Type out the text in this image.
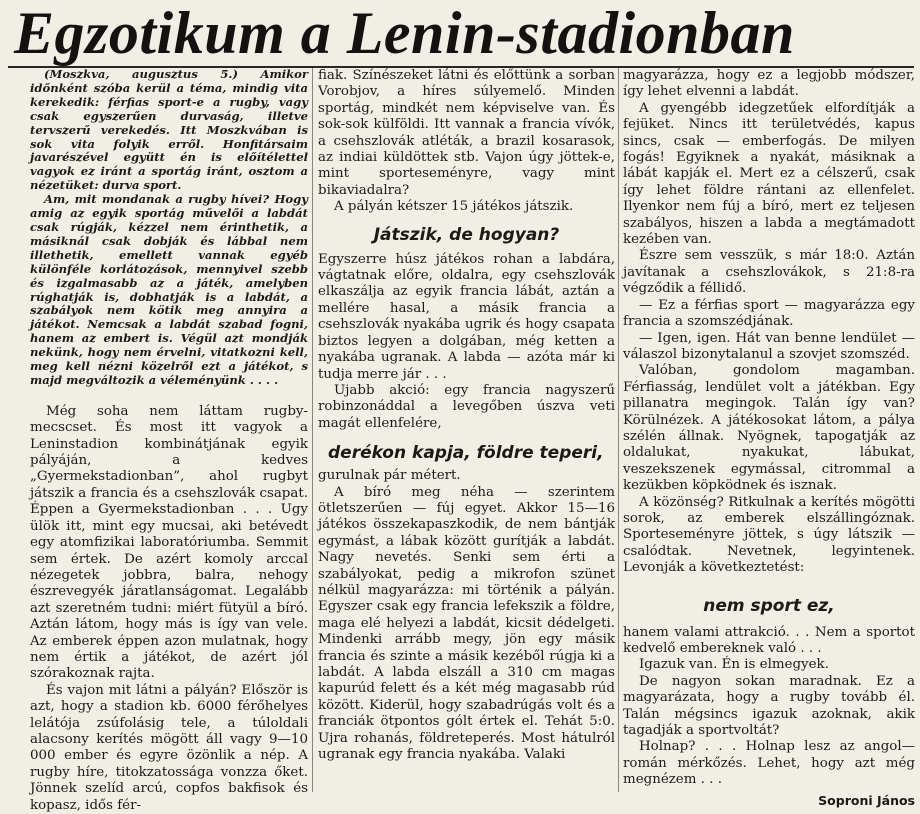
Egzotikum a Lenin-stadionban

(Moszkva, augusztus 5.) Amikor időnként szóba kerül a téma, mindig vita kerekedik: férfias sport-e a rugby, vagy csak egyszerűen durvaság, illetve tervszerű verekedés. Itt Moszkvában is sok vita folyik erről. Honfitársaim javarészével együtt én is előítélettel vagyok ez iránt a sportág iránt, osztom a nézetüket: durva sport.

Am, mit mondanak a rugby hívei? Hogy amig az egyik sportág művelői a labdát csak rúgják, kézzel nem érinthetik, a másiknál csak dobják és lábbal nem illethetik, emellett vannak egyéb különféle korlátozások, mennyivel szebb és izgalmasabb az a játék, amelyben rúghatják is, dobhatják is a labdát, a szabályok nem kötik meg annyira a játékot. Nemcsak a labdát szabad fogni, hanem az embert is. Végül azt mondják nekünk, hogy nem érvelni, vitatkozni kell, meg kell nézni közelről ezt a játékot, s majd megváltozik a véleményünk . . . .

Még soha nem láttam rugby-mecscset. És most itt vagyok a Leninstadion kombinátjának egyik pályáján, a kedves „Gyermekstadionban”, ahol rugbyt játszik a francia és a csehszlovák csapat. Éppen a Gyermekstadionban . . . Ugy ülök itt, mint egy mucsai, aki betévedt egy atomfizikai laboratóriumba. Semmit sem értek. De azért komoly arccal nézegetek jobbra, balra, nehogy észrevegyék járatlanságomat. Legalább azt szeretném tudni: miért fütyül a bíró. Aztán látom, hogy más is így van vele. Az emberek éppen azon mulatnak, hogy nem értik a játékot, de azért jól szórakoznak rajta.

És vajon mit látni a pályán? Először is azt, hogy a stadion kb. 6000 férőhelyes lelátója zsúfolásig tele, a túloldali alacsony kerítés mögött áll vagy 9—10 000 ember és egyre özönlik a nép. A rugby híre, titokzatossága vonzza őket. Jönnek szelíd arcú, copfos bakfisok és kopasz, idős fér-

fiak. Színészeket látni és előttünk a sorban Vorobjov, a híres súlyemelő. Minden sportág, mindkét nem képviselve van. És sok-sok külföldi. Itt vannak a francia vívók, a csehszlovák atléták, a brazil kosarasok, az indiai küldöttek stb. Vajon úgy jöttek-e, mint sporteseményre, vagy mint bikaviadalra?

A pályán kétszer 15 játékos játszik.

Játszik, de hogyan?

Egyszerre húsz játékos rohan a labdára, vágtatnak előre, oldalra, egy csehszlovák elkaszálja az egyik francia lábát, aztán a mellére hasal, a másik francia a csehszlovák nyakába ugrik és hogy csapata biztos legyen a dolgában, még ketten a nyakába ugranak. A labda — azóta már ki tudja merre jár . . .

Ujabb akció: egy francia nagyszerű robinzonáddal a levegőben úszva veti magát ellenfelére,

derékon kapja, földre teperi,

gurulnak pár métert.

A bíró meg néha — szerintem ötletszerűen — fúj egyet. Akkor 15—16 játékos összekapaszkodik, de nem bántják egymást, a lábak között gurítják a labdát. Nagy nevetés. Senki sem érti a szabályokat, pedig a mikrofon szünet nélkül magyarázza: mi történik a pályán. Egyszer csak egy francia lefekszik a földre, maga elé helyezi a labdát, kicsit dédelgeti. Mindenki arrább megy, jön egy másik francia és szinte a másik kezéből rúgja ki a labdát. A labda elszáll a 310 cm magas kapurúd felett és a két még magasabb rúd között. Kiderül, hogy szabadrúgás volt és a franciák ötpontos gólt értek el. Tehát 5:0. Ujra rohanás, földreteperés. Most hátulról ugranak egy francia nyakába. Valaki

magyarázza, hogy ez a legjobb módszer, így lehet elvenni a labdát.

A gyengébb idegzetűek elfordítják a fejüket. Nincs itt területvédés, kapus sincs, csak — emberfogás. De milyen fogás! Egyiknek a nyakát, másiknak a lábát kapják el. Mert ez a célszerű, csak így lehet földre rántani az ellenfelet. Ilyenkor nem fúj a bíró, mert ez teljesen szabályos, hiszen a labda a megtámadott kezében van.

Észre sem vesszük, s már 18:0. Aztán javítanak a csehszlovákok, s 21:8-ra végződik a féllidő.

— Ez a férfias sport — magyarázza egy francia a szomszédjának.

— Igen, igen. Hát van benne lendület — válaszol bizonytalanul a szovjet szomszéd.

Valóban, gondolom magamban. Férfiasság, lendület volt a játékban. Egy pillanatra megingok. Talán így van? Körülnézek. A játékosokat látom, a pálya szélén állnak. Nyögnek, tapogatják az oldalukat, nyakukat, lábukat, veszekszenek egymással, citrommal a kezükben köpködnek és isznak.

A közönség? Ritkulnak a kerítés mögötti sorok, az emberek elszállingóznak. Sporteseményre jöttek, s úgy látszik — csalódtak. Nevetnek, legyintenek. Levonják a következtetést:

nem sport ez,

hanem valami attrakció. . . Nem a sportot kedvelő embereknek való . . .

Igazuk van. Én is elmegyek.

De nagyon sokan maradnak. Ez a magyarázata, hogy a rugby tovább él. Talán mégsincs igazuk azoknak, akik tagadják a sportvoltát?

Holnap? . . . Holnap lesz az angol—román mérkőzés. Lehet, hogy azt még megnézem . . .

Soproni János
